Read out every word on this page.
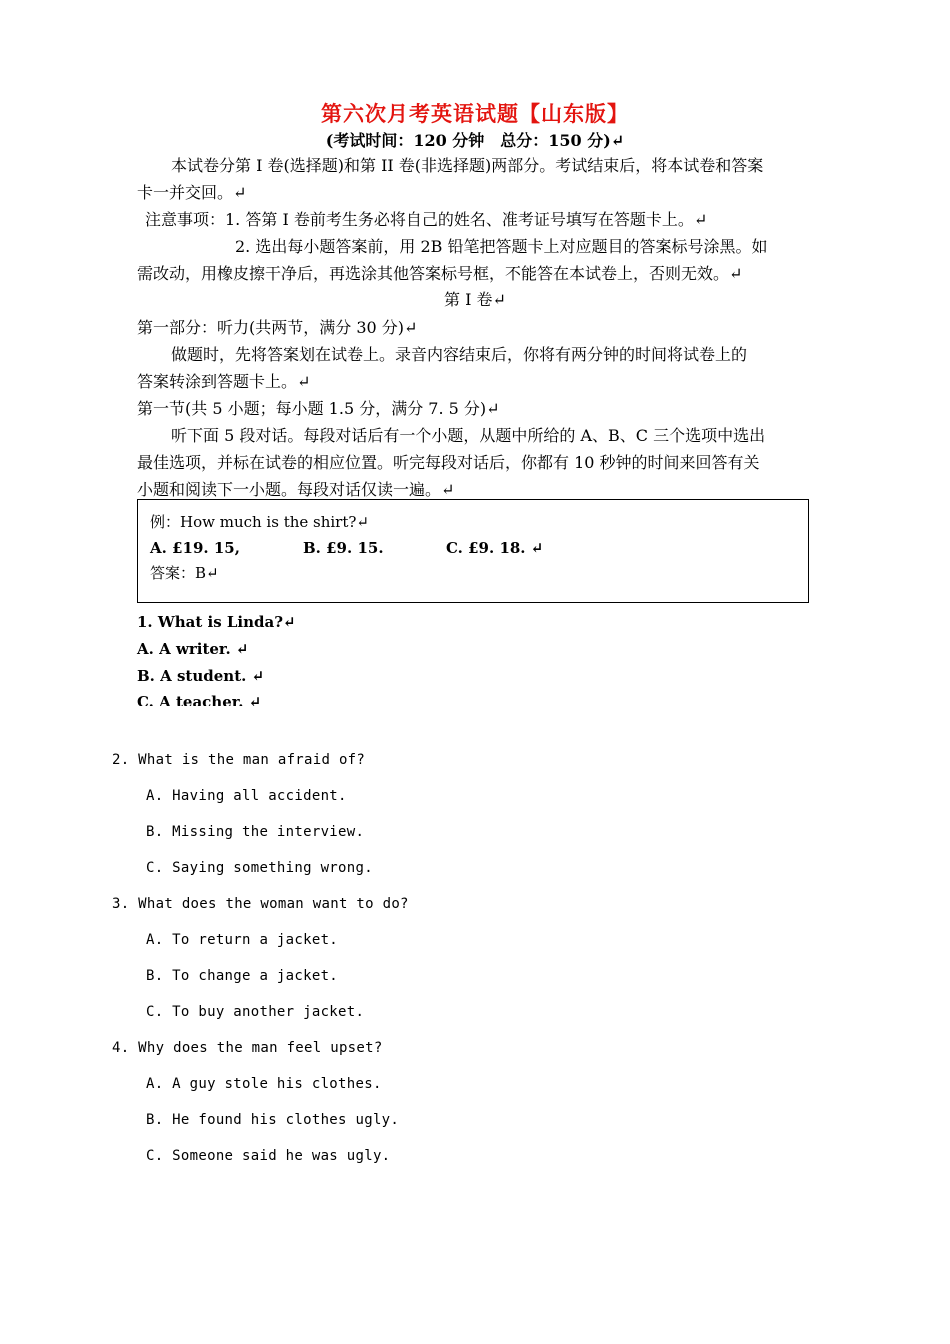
第六次月考英语试题【山东版】
(考试时间：120 分钟　总分：150 分)↵
本试卷分第 I 卷(选择题)和第 II 卷(非选择题)两部分。考试结束后，将本试卷和答案
卡一并交回。↵
注意事项：1. 答第 I 卷前考生务必将自己的姓名、准考证号填写在答题卡上。↵
2. 选出每小题答案前，用 2B 铅笔把答题卡上对应题目的答案标号涂黑。如
需改动，用橡皮擦干净后，再选涂其他答案标号框，不能答在本试卷上，否则无效。↵
第 I 卷↵
第一部分：听力(共两节，满分 30 分)↵
做题时，先将答案划在试卷上。录音内容结束后，你将有两分钟的时间将试卷上的
答案转涂到答题卡上。↵
第一节(共 5 小题；每小题 1.5 分，满分 7. 5 分)↵
听下面 5 段对话。每段对话后有一个小题，从题中所给的 A、B、C 三个选项中选出
最佳选项，并标在试卷的相应位置。听完每段对话后，你都有 10 秒钟的时间来回答有关
小题和阅读下一小题。每段对话仅读一遍。↵
例：How much is the shirt?↵
A. £19. 15,	B. £9. 15.	C. £9. 18. ↵
答案：B↵
1. What is Linda?↵
A. A writer. ↵
B. A student. ↵
C. A teacher. ↵
2. What is the man afraid of?
A. Having all accident.
B. Missing the interview.
C. Saying something wrong.
3. What does the woman want to do?
A. To return a jacket.
B. To change a jacket.
C. To buy another jacket.
4. Why does the man feel upset?
A. A guy stole his clothes.
B. He found his clothes ugly.
C. Someone said he was ugly.
